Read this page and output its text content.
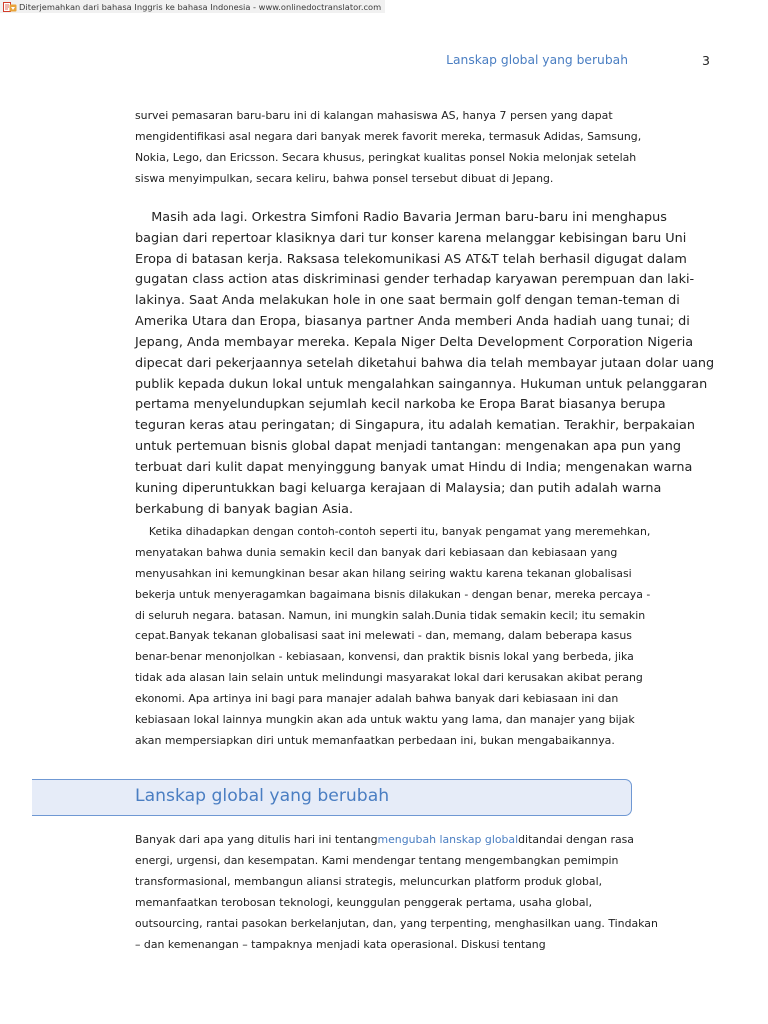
Diterjemahkan dari bahasa Inggris ke bahasa Indonesia - www.onlinedoctranslator.com
Lanskap global yang berubah	3

survei pemasaran baru-baru ini di kalangan mahasiswa AS, hanya 7 persen yang dapat
mengidentifikasi asal negara dari banyak merek favorit mereka, termasuk Adidas, Samsung,
Nokia, Lego, dan Ericsson. Secara khusus, peringkat kualitas ponsel Nokia melonjak setelah
siswa menyimpulkan, secara keliru, bahwa ponsel tersebut dibuat di Jepang.

Masih ada lagi. Orkestra Simfoni Radio Bavaria Jerman baru-baru ini menghapus
bagian dari repertoar klasiknya dari tur konser karena melanggar kebisingan baru Uni
Eropa di batasan kerja. Raksasa telekomunikasi AS AT&T telah berhasil digugat dalam
gugatan class action atas diskriminasi gender terhadap karyawan perempuan dan laki-
lakinya. Saat Anda melakukan hole in one saat bermain golf dengan teman-teman di
Amerika Utara dan Eropa, biasanya partner Anda memberi Anda hadiah uang tunai; di
Jepang, Anda membayar mereka. Kepala Niger Delta Development Corporation Nigeria
dipecat dari pekerjaannya setelah diketahui bahwa dia telah membayar jutaan dolar uang
publik kepada dukun lokal untuk mengalahkan saingannya. Hukuman untuk pelanggaran
pertama menyelundupkan sejumlah kecil narkoba ke Eropa Barat biasanya berupa
teguran keras atau peringatan; di Singapura, itu adalah kematian. Terakhir, berpakaian
untuk pertemuan bisnis global dapat menjadi tantangan: mengenakan apa pun yang
terbuat dari kulit dapat menyinggung banyak umat Hindu di India; mengenakan warna
kuning diperuntukkan bagi keluarga kerajaan di Malaysia; dan putih adalah warna
berkabung di banyak bagian Asia.

Ketika dihadapkan dengan contoh-contoh seperti itu, banyak pengamat yang meremehkan,
menyatakan bahwa dunia semakin kecil dan banyak dari kebiasaan dan kebiasaan yang
menyusahkan ini kemungkinan besar akan hilang seiring waktu karena tekanan globalisasi
bekerja untuk menyeragamkan bagaimana bisnis dilakukan - dengan benar, mereka percaya -
di seluruh negara. batasan. Namun, ini mungkin salah.Dunia tidak semakin kecil; itu semakin
cepat.Banyak tekanan globalisasi saat ini melewati - dan, memang, dalam beberapa kasus
benar-benar menonjolkan - kebiasaan, konvensi, dan praktik bisnis lokal yang berbeda, jika
tidak ada alasan lain selain untuk melindungi masyarakat lokal dari kerusakan akibat perang
ekonomi. Apa artinya ini bagi para manajer adalah bahwa banyak dari kebiasaan ini dan
kebiasaan lokal lainnya mungkin akan ada untuk waktu yang lama, dan manajer yang bijak
akan mempersiapkan diri untuk memanfaatkan perbedaan ini, bukan mengabaikannya.

Lanskap global yang berubah

Banyak dari apa yang ditulis hari ini tentangmengubah lanskap globalditandai dengan rasa
energi, urgensi, dan kesempatan. Kami mendengar tentang mengembangkan pemimpin
transformasional, membangun aliansi strategis, meluncurkan platform produk global,
memanfaatkan terobosan teknologi, keunggulan penggerak pertama, usaha global,
outsourcing, rantai pasokan berkelanjutan, dan, yang terpenting, menghasilkan uang. Tindakan
– dan kemenangan – tampaknya menjadi kata operasional. Diskusi tentang
